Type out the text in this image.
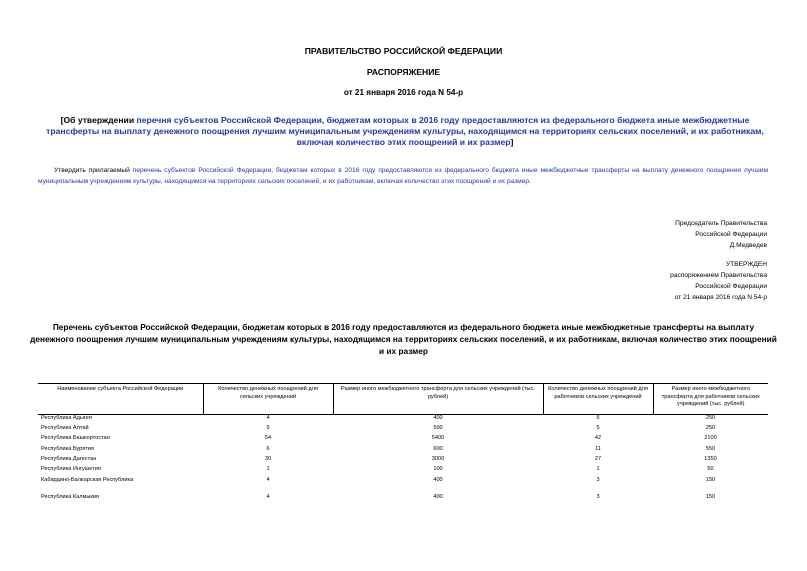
ПРАВИТЕЛЬСТВО РОССИЙСКОЙ ФЕДЕРАЦИИ
РАСПОРЯЖЕНИЕ
от 21 января 2016 года N 54-р
[Об утверждении перечня субъектов Российской Федерации, бюджетам которых в 2016 году предоставляются из федерального бюджета иные межбюджетные трансферты на выплату денежного поощрения лучшим муниципальным учреждениям культуры, находящимся на территориях сельских поселений, и их работникам, включая количество этих поощрений и их размер]
Утвердить прилагаемый перечень субъектов Российской Федерации, бюджетам которых в 2016 году предоставляются из федерального бюджета иные межбюджетные трансферты на выплату денежного поощрения лучшим муниципальным учреждениям культуры, находящимся на территориях сельских поселений, и их работникам, включая количество этих поощрений и их размер.
Председатель Правительства
Российской Федерации
Д.Медведев
УТВЕРЖДЕН
распоряжением Правительства
Российской Федерации
от 21 января 2016 года N 54-р
Перечень субъектов Российской Федерации, бюджетам которых в 2016 году предоставляются из федерального бюджета иные межбюджетные трансферты на выплату денежного поощрения лучшим муниципальным учреждениям культуры, находящимся на территориях сельских поселений, и их работникам, включая количество этих поощрений и их размер
Наименование субъекта Российской Федерации	Количество денежных поощрений для сельских учреждений	Размер иного межбюджетного трансферта для сельских учреждений (тыс. рублей)	Количество денежных поощрений для работников сельских учреждений	Размер иного межбюджетного трансферта для работников сельских учреждений (тыс. рублей)
Республика Адыгея	4	400	5	250
Республика Алтай	5	500	5	250
Республика Башкортостан	54	5400	42	2100
Республика Бурятия	6	600	11	550
Республика Дагестан	30	3000	27	1350
Республика Ингушетия	1	100	1	50
Кабардино-Балкарская Республика	4	400	3	150
Республика Калмыкия	4	400	3	150
